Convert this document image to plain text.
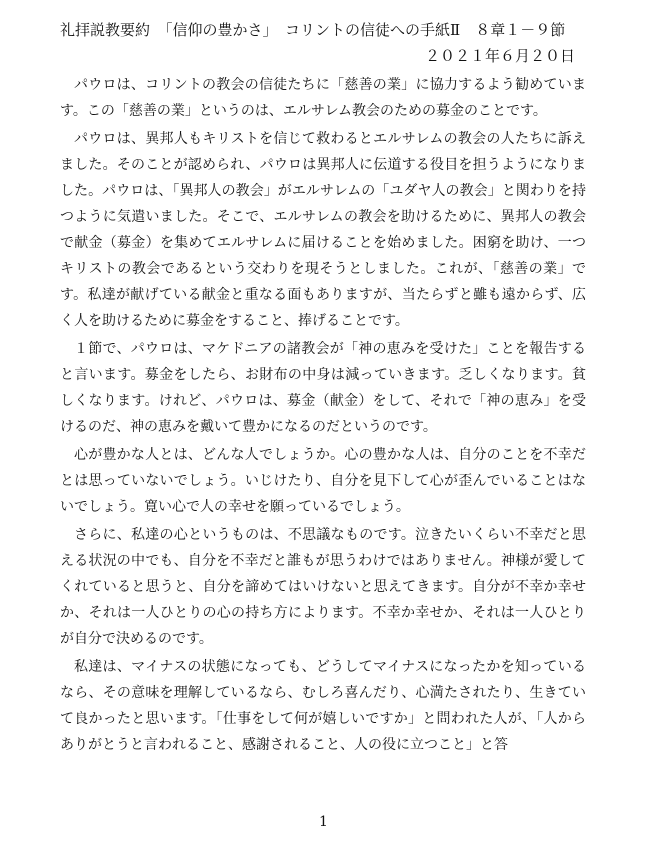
礼拝説教要約　「信仰の豊かさ」　コリントの信徒への手紙Ⅱ　８章１－９節
２０２１年６月２０日

パウロは、コリントの教会の信徒たちに「慈善の業」に協力するよう勧めています。この「慈善の業」というのは、エルサレム教会のための募金のことです。

パウロは、異邦人もキリストを信じて救わるとエルサレムの教会の人たちに訴えました。そのことが認められ、パウロは異邦人に伝道する役目を担うようになりました。パウロは、「異邦人の教会」がエルサレムの「ユダヤ人の教会」と関わりを持つように気遣いました。そこで、エルサレムの教会を助けるために、異邦人の教会で献金（募金）を集めてエルサレムに届けることを始めました。困窮を助け、一つキリストの教会であるという交わりを現そうとしました。これが、「慈善の業」です。私達が献げている献金と重なる面もありますが、当たらずと雖も遠からず、広く人を助けるために募金をすること、捧げることです。

１節で、パウロは、マケドニアの諸教会が「神の恵みを受けた」ことを報告すると言います。募金をしたら、お財布の中身は減っていきます。乏しくなります。貧しくなります。けれど、パウロは、募金（献金）をして、それで「神の恵み」を受けるのだ、神の恵みを戴いて豊かになるのだというのです。

心が豊かな人とは、どんな人でしょうか。心の豊かな人は、自分のことを不幸だとは思っていないでしょう。いじけたり、自分を見下して心が歪んでいることはないでしょう。寛い心で人の幸せを願っているでしょう。

さらに、私達の心というものは、不思議なものです。泣きたいくらい不幸だと思える状況の中でも、自分を不幸だと誰もが思うわけではありません。神様が愛してくれていると思うと、自分を諦めてはいけないと思えてきます。自分が不幸か幸せか、それは一人ひとりの心の持ち方によります。不幸か幸せか、それは一人ひとりが自分で決めるのです。

私達は、マイナスの状態になっても、どうしてマイナスになったかを知っているなら、その意味を理解しているなら、むしろ喜んだり、心満たされたり、生きていて良かったと思います。「仕事をして何が嬉しいですか」と問われた人が、「人からありがとうと言われること、感謝されること、人の役に立つこと」と答

1
